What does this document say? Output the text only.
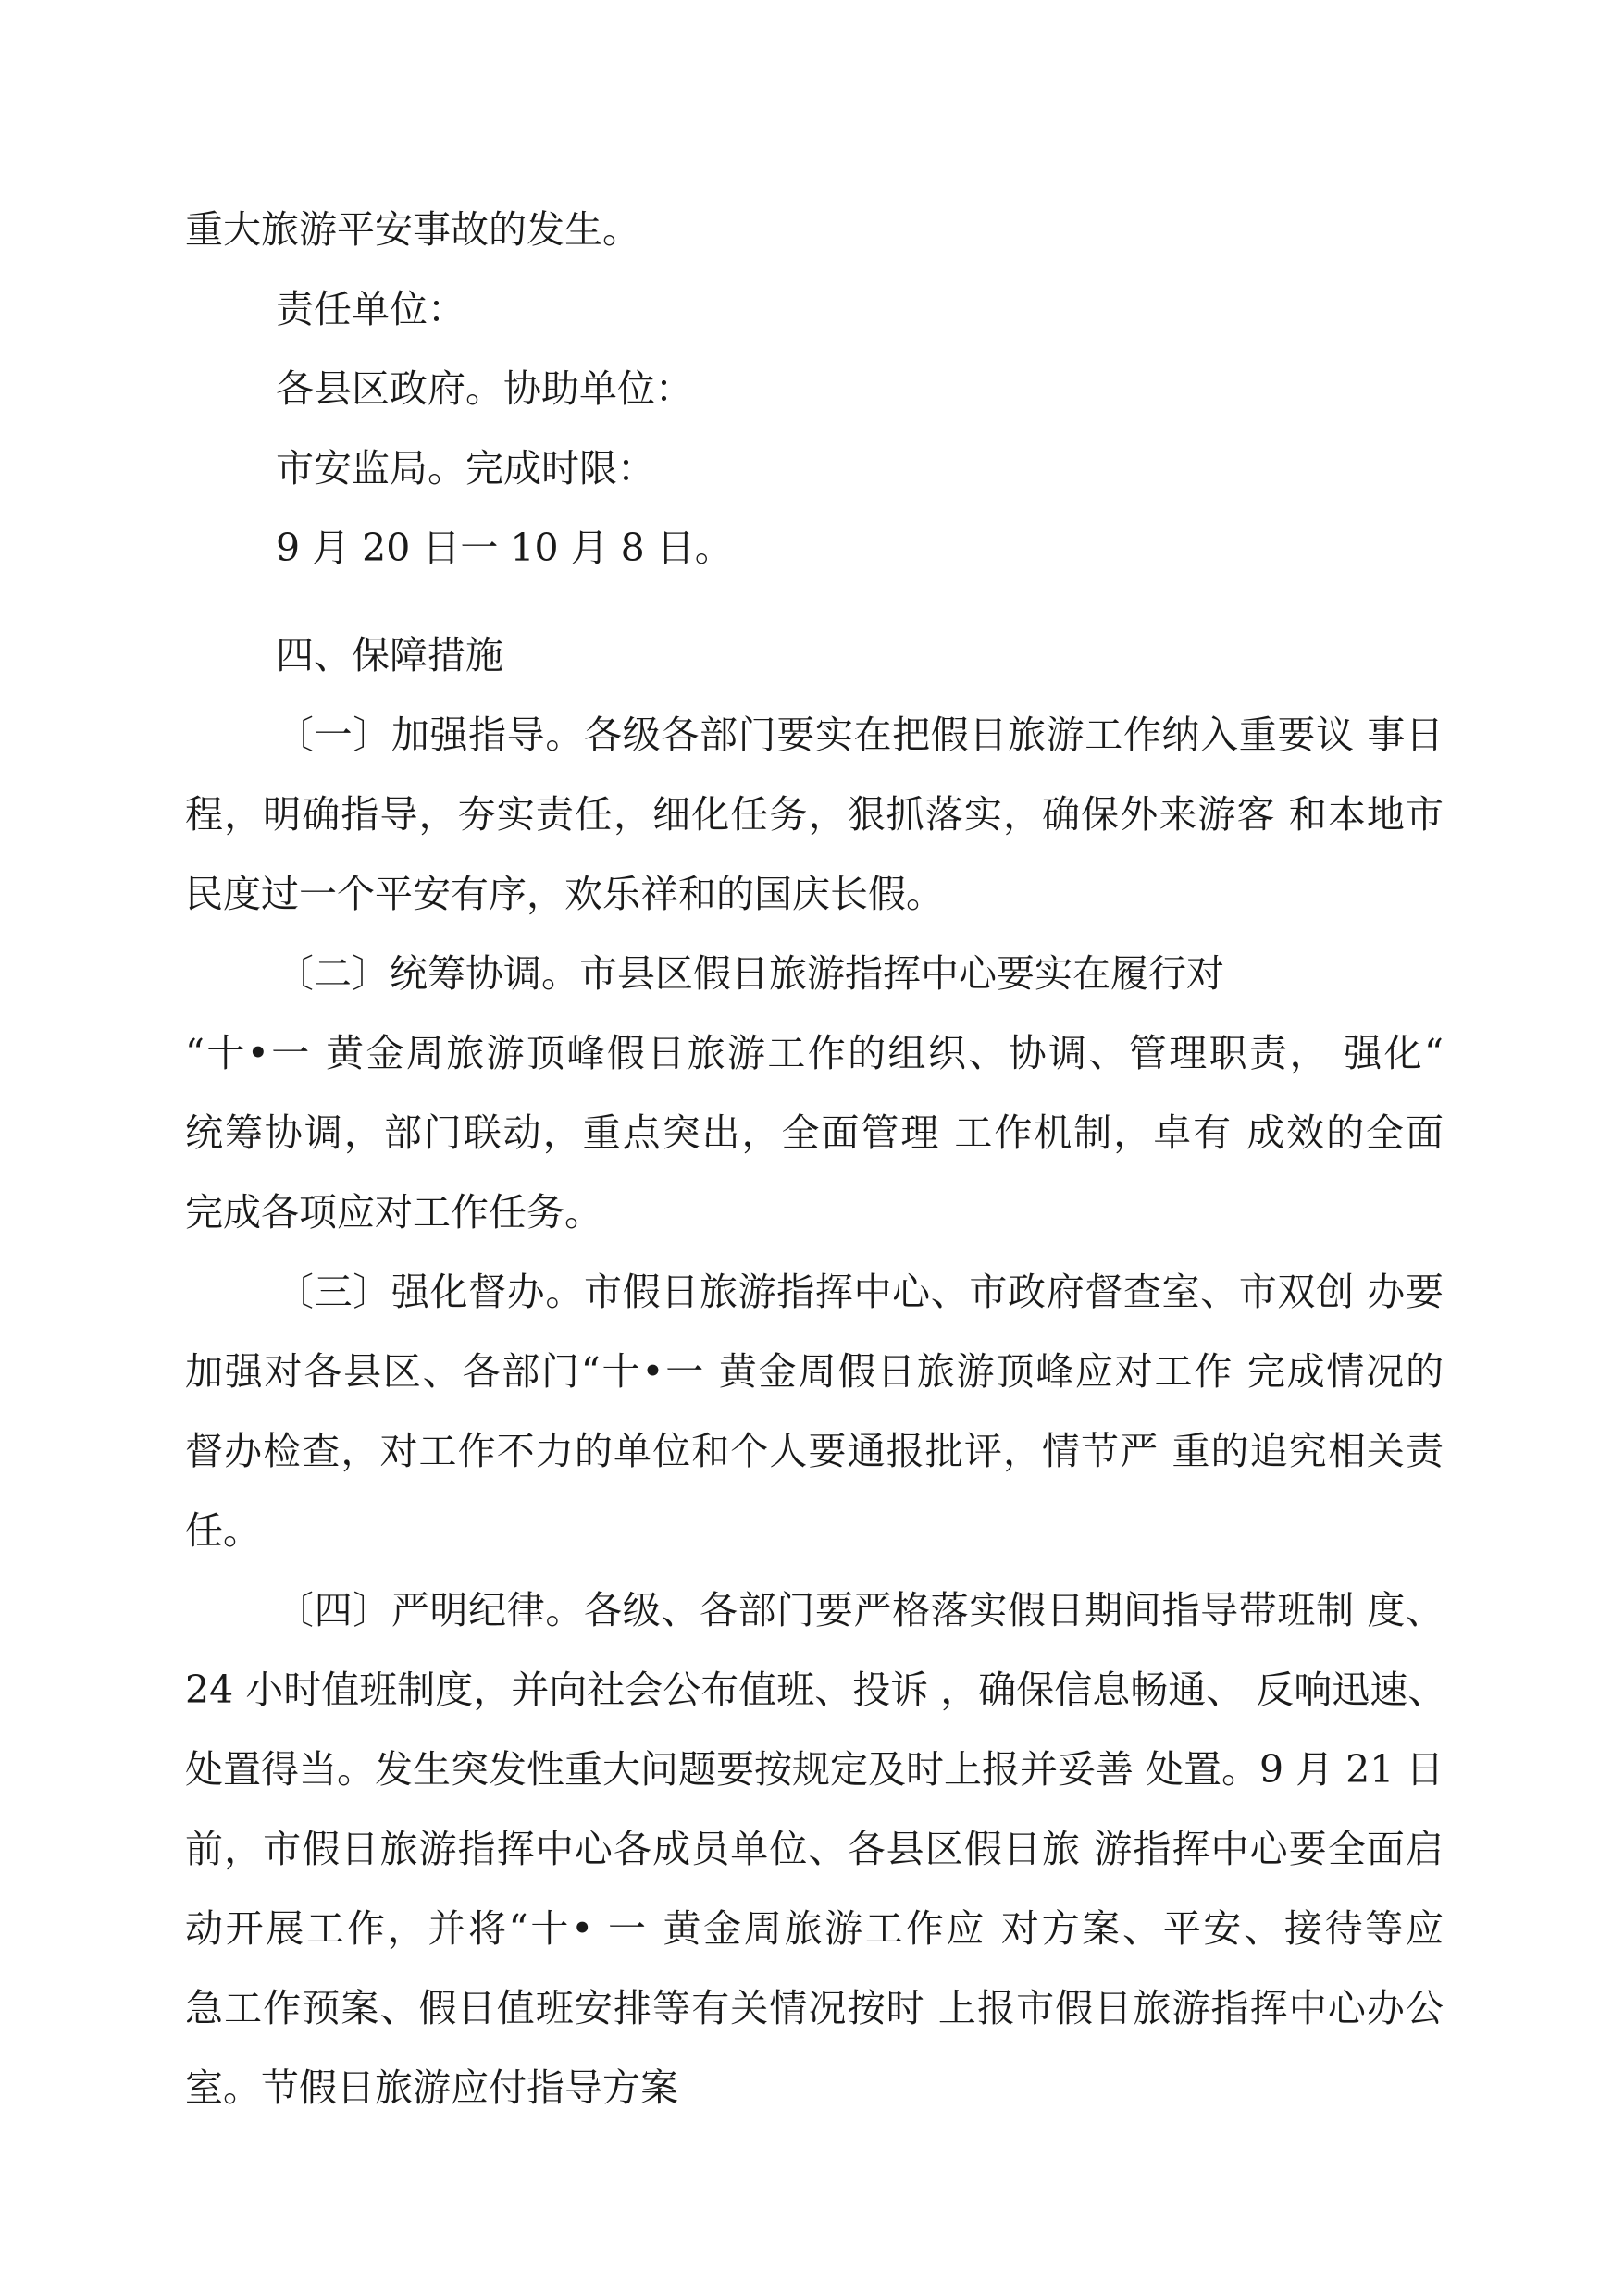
重大旅游平安事故的发生。
责任单位：
各县区政府。协助单位：
市安监局。完成时限：
9 月 20 日一 10 月 8 日。
四、保障措施
〔一〕加强指导。各级各部门要实在把假日旅游工作纳入重要议 事日
程，明确指导，夯实责任，细化任务，狠抓落实，确保外来游客 和本地市
民度过一个平安有序，欢乐祥和的国庆长假。
〔二〕统筹协调。市县区假日旅游指挥中心要实在履行对
“十•一 黄金周旅游顶峰假日旅游工作的组织、协调、管理职责， 强化“
统筹协调，部门联动，重点突出，全面管理 工作机制，卓有 成效的全面
完成各项应对工作任务。
〔三〕强化督办。市假日旅游指挥中心、市政府督查室、市双创 办要
加强对各县区、各部门“十•一 黄金周假日旅游顶峰应对工作 完成情况的
督办检查，对工作不力的单位和个人要通报批评，情节严 重的追究相关责
任。
〔四〕严明纪律。各级、各部门要严格落实假日期间指导带班制 度、
24 小时值班制度，并向社会公布值班、投诉 ，确保信息畅通、 反响迅速、
处置得当。发生突发性重大问题要按规定及时上报并妥善 处置。9 月 21 日
前，市假日旅游指挥中心各成员单位、各县区假日旅 游指挥中心要全面启
动开展工作，并将“十• 一 黄金周旅游工作应 对方案、平安、接待等应
急工作预案、假日值班安排等有关情况按时 上报市假日旅游指挥中心办公
室。节假日旅游应付指导方案
